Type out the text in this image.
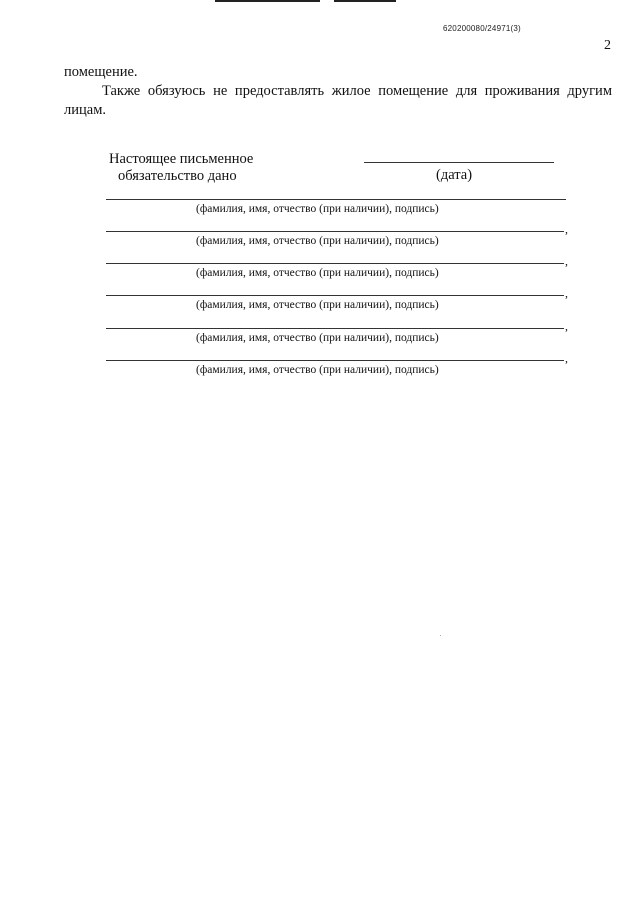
620200080/24971(3)
2
помещение.
Также обязуюсь не предоставлять жилое помещение для проживания другим лицам.
Настоящее письменное
обязательство дано	(дата)
(фамилия, имя, отчество (при наличии), подпись)
,
(фамилия, имя, отчество (при наличии), подпись)
,
(фамилия, имя, отчество (при наличии), подпись)
,
(фамилия, имя, отчество (при наличии), подпись)
,
(фамилия, имя, отчество (при наличии), подпись)
,
(фамилия, имя, отчество (при наличии), подпись)
